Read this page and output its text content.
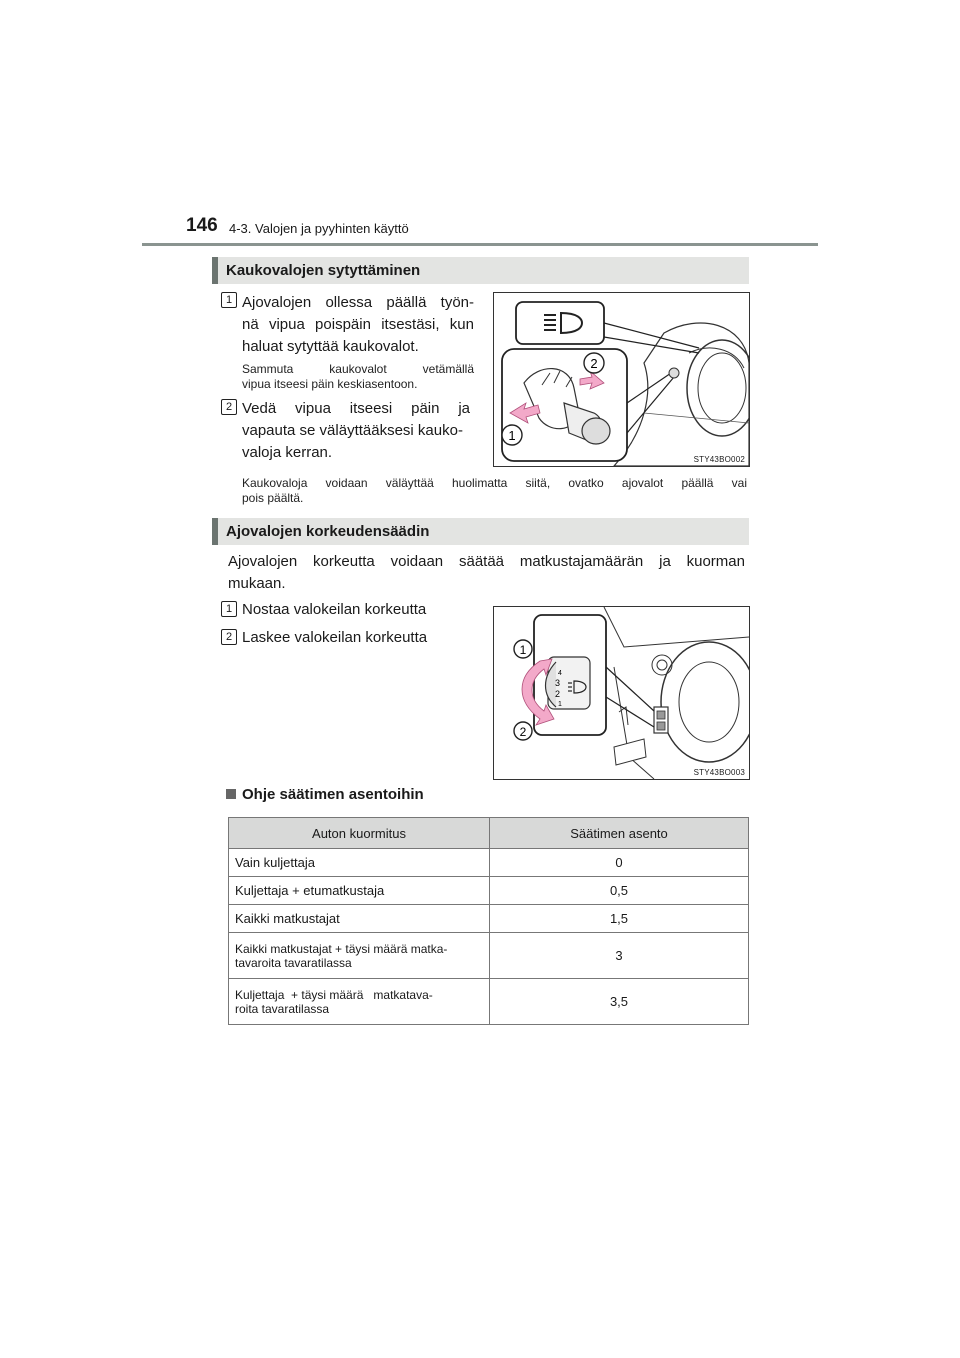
146 4-3. Valojen ja pyyhinten käyttö
Kaukovalojen sytyttäminen
1 Ajovalojen ollessa päällä työn-
nä vipua poispäin itsestäsi, kun
haluat sytyttää kaukovalot.
Sammuta kaukovalot vetämällä
vipua itseesi päin keskiasentoon.
2 Vedä vipua itseesi päin ja
vapauta se väläyttääksesi kauko-
valoja kerran.
2
1
STY43BO002
Kaukovaloja voidaan väläyttää huolimatta siitä, ovatko ajovalot päällä vai
pois päältä.
Ajovalojen korkeudensäädin
Ajovalojen korkeutta voidaan säätää matkustajamäärän ja kuorman
mukaan.
1 Nostaa valokeilan korkeutta
2 Laskee valokeilan korkeutta
4
3
2
1
1
2
STY43BO003
Ohje säätimen asentoihin
Auton kuormitus	Säätimen asento
Vain kuljettaja	0
Kuljettaja + etumatkustaja	0,5
Kaikki matkustajat	1,5

Kaikki matkustajat + täysi määrä matka-
tavaroita tavaratilassa	3

Kuljettaja  + täysi määrä   matkatava-
roita tavaratilassa	3,5
